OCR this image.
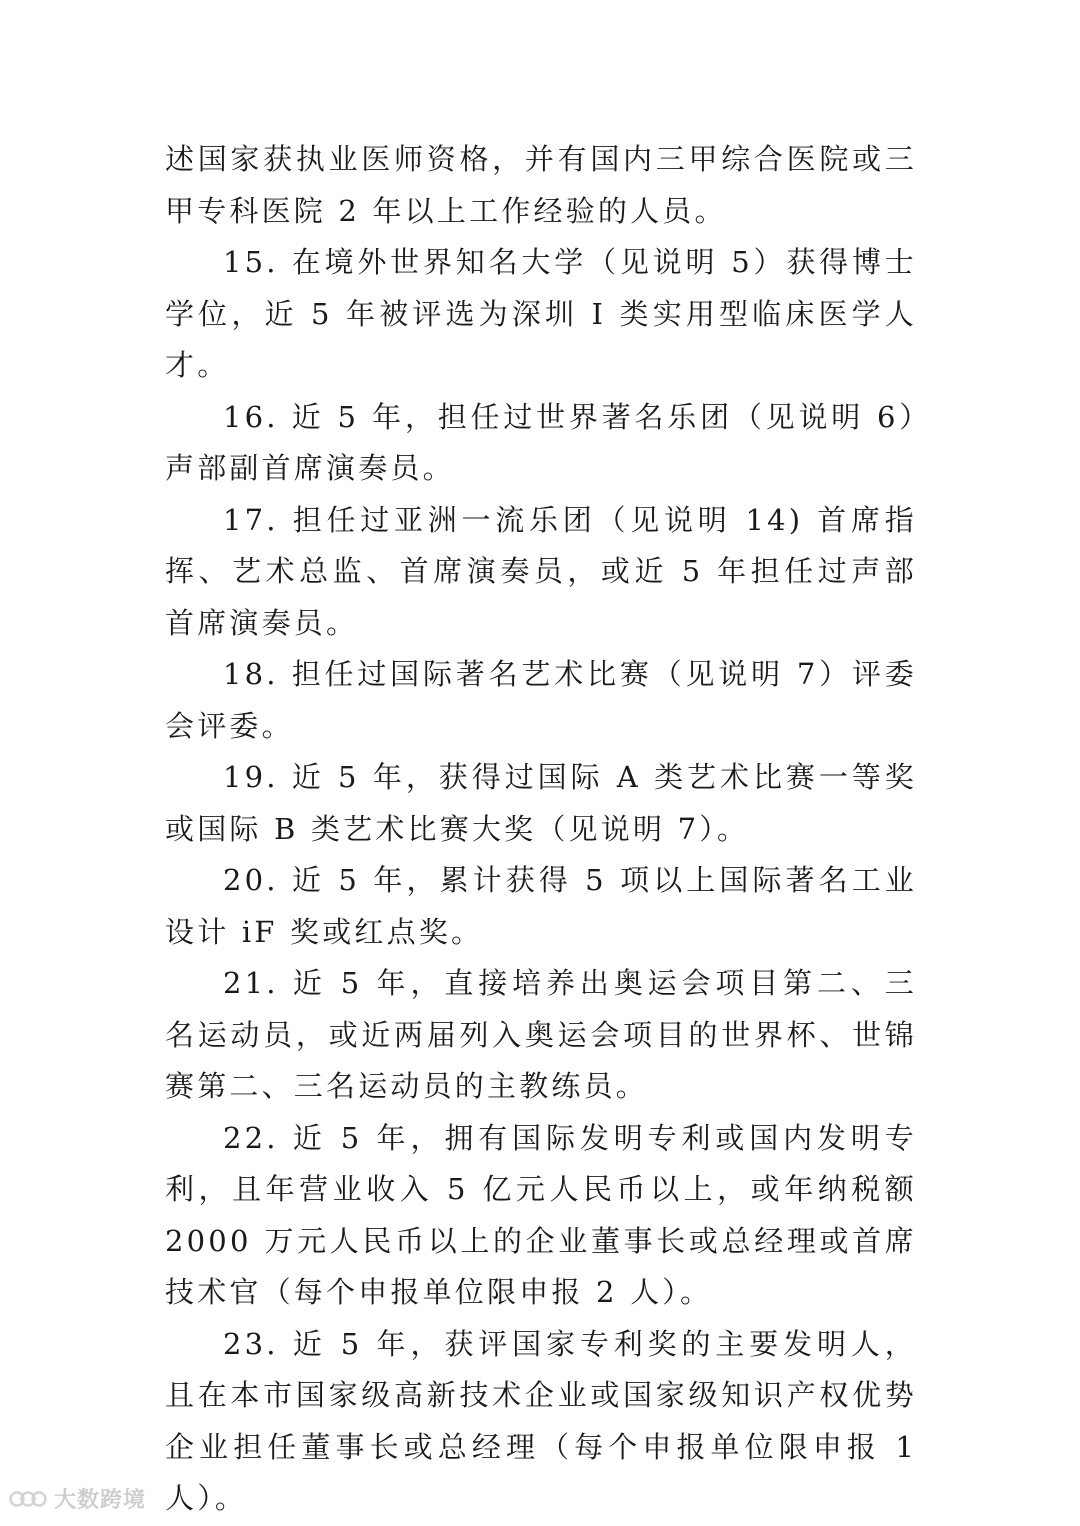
述国家获执业医师资格，并有国内三甲综合医院或三甲专科医院 2 年以上工作经验的人员。

15. 在境外世界知名大学（见说明 5）获得博士学位，近 5 年被评选为深圳 I 类实用型临床医学人才。

16. 近 5 年，担任过世界著名乐团（见说明 6）声部副首席演奏员。

17. 担任过亚洲一流乐团（见说明 14) 首席指挥、艺术总监、首席演奏员，或近 5 年担任过声部首席演奏员。

18. 担任过国际著名艺术比赛（见说明 7）评委会评委。

19. 近 5 年，获得过国际 A 类艺术比赛一等奖或国际 B 类艺术比赛大奖（见说明 7）。

20. 近 5 年，累计获得 5 项以上国际著名工业设计 iF 奖或红点奖。

21. 近 5 年，直接培养出奥运会项目第二、三名运动员，或近两届列入奥运会项目的世界杯、世锦赛第二、三名运动员的主教练员。

22. 近 5 年，拥有国际发明专利或国内发明专利，且年营业收入 5 亿元人民币以上，或年纳税额 2000 万元人民币以上的企业董事长或总经理或首席技术官（每个申报单位限申报 2 人）。

23. 近 5 年，获评国家专利奖的主要发明人，且在本市国家级高新技术企业或国家级知识产权优势企业担任董事长或总经理（每个申报单位限申报 1 人）。

大数跨境
